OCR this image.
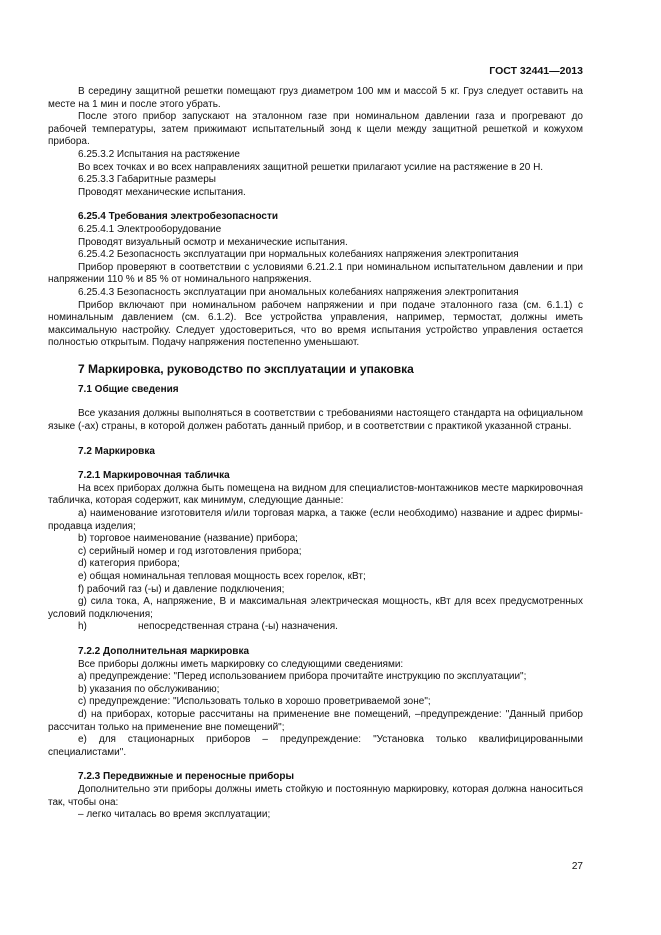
ГОСТ 32441—2013

В середину защитной решетки помещают груз диаметром 100 мм и массой 5 кг. Груз следует оставить на месте на 1 мин и после этого убрать.

После этого прибор запускают на эталонном газе при номинальном давлении газа и прогревают до рабочей температуры, затем прижимают испытательный зонд к щели между защитной решеткой и кожухом прибора.

6.25.3.2 Испытания на растяжение

Во всех точках и во всех направлениях защитной решетки прилагают усилие на растяжение в 20 Н.

6.25.3.3 Габаритные размеры

Проводят механические испытания.

6.25.4 Требования электробезопасности

6.25.4.1 Электрооборудование

Проводят визуальный осмотр и механические испытания.

6.25.4.2 Безопасность эксплуатации при нормальных колебаниях напряжения электропитания

Прибор проверяют в соответствии с условиями 6.21.2.1 при номинальном испытательном давлении и при напряжении 110 % и 85 % от номинального напряжения.

6.25.4.3 Безопасность эксплуатации при аномальных колебаниях напряжения электропитания

Прибор включают при номинальном рабочем напряжении и при подаче эталонного газа (см. 6.1.1) с номинальным давлением (см. 6.1.2). Все устройства управления, например, термостат, должны иметь максимальную настройку. Следует удостовериться, что во время испытания устройство управления остается полностью открытым. Подачу напряжения постепенно уменьшают.

7 Маркировка, руководство по эксплуатации и упаковка

7.1 Общие сведения

Все указания должны выполняться в соответствии с требованиями настоящего стандарта на официальном языке (-ах) страны, в которой должен работать данный прибор, и в соответствии с практикой указанной страны.

7.2 Маркировка

7.2.1 Маркировочная табличка

На всех приборах должна быть помещена на видном для специалистов-монтажников месте маркировочная табличка, которая содержит, как минимум, следующие данные:

а) наименование изготовителя и/или торговая марка, а также (если необходимо) название и адрес фирмы-продавца изделия;

b) торговое наименование (название) прибора;

c) серийный номер и год изготовления прибора;

d) категория прибора;

e) общая номинальная тепловая мощность всех горелок, кВт;

f) рабочий газ (-ы) и давление подключения;

g) сила тока, А, напряжение, В и максимальная электрическая мощность, кВт для всех предусмотренных условий подключения;

h)	непосредственная страна (-ы) назначения.

7.2.2 Дополнительная маркировка

Все приборы должны иметь маркировку со следующими сведениями:

a) предупреждение: "Перед использованием прибора прочитайте инструкцию по эксплуатации";

b) указания по обслуживанию;

c) предупреждение: "Использовать только в хорошо проветриваемой зоне";

d) на приборах, которые рассчитаны на применение вне помещений, –предупреждение: "Данный прибор рассчитан только на применение вне помещений";

e) для стационарных приборов – предупреждение: "Установка только квалифицированными специалистами".

7.2.3 Передвижные и переносные приборы

Дополнительно эти приборы должны иметь стойкую и постоянную маркировку, которая должна наноситься так, чтобы она:

– легко читалась во время эксплуатации;

27
